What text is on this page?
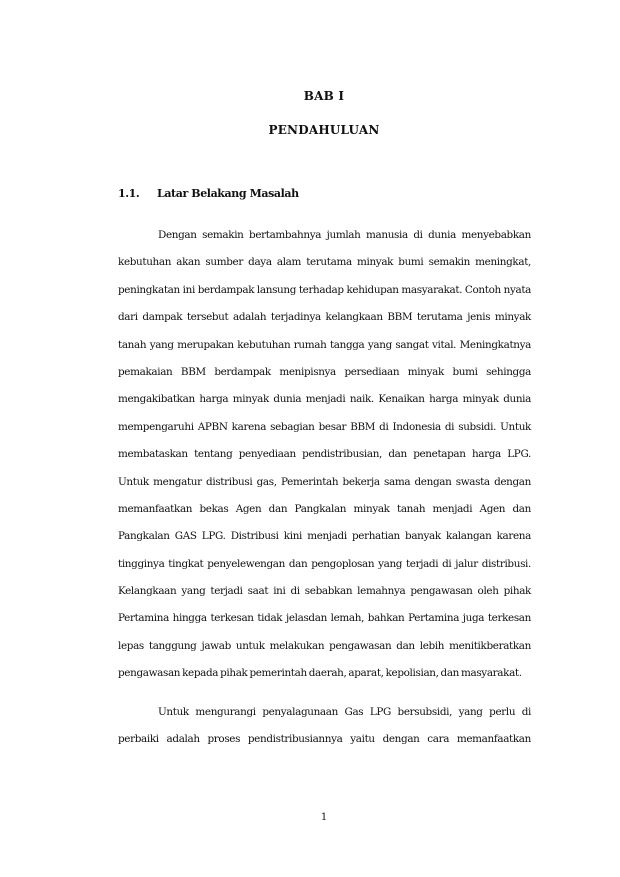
BAB I
PENDAHULUAN
1.1. Latar Belakang Masalah
Dengan semakin bertambahnya jumlah manusia di dunia menyebabkan
kebutuhan akan sumber daya alam terutama minyak bumi semakin meningkat,
peningkatan ini berdampak lansung terhadap kehidupan masyarakat. Contoh nyata
dari dampak tersebut adalah terjadinya kelangkaan BBM terutama jenis minyak
tanah yang merupakan kebutuhan rumah tangga yang sangat vital. Meningkatnya
pemakaian BBM berdampak menipisnya persediaan minyak bumi sehingga
mengakibatkan harga minyak dunia menjadi naik. Kenaikan harga minyak dunia
mempengaruhi APBN karena sebagian besar BBM di Indonesia di subsidi. Untuk
membataskan tentang penyediaan pendistribusian, dan penetapan harga LPG.
Untuk mengatur distribusi gas, Pemerintah bekerja sama dengan swasta dengan
memanfaatkan bekas Agen dan Pangkalan minyak tanah menjadi Agen dan
Pangkalan GAS LPG. Distribusi kini menjadi perhatian banyak kalangan karena
tingginya tingkat penyelewengan dan pengoplosan yang terjadi di jalur distribusi.
Kelangkaan yang terjadi saat ini di sebabkan lemahnya pengawasan oleh pihak
Pertamina hingga terkesan tidak jelasdan lemah, bahkan Pertamina juga terkesan
lepas tanggung jawab untuk melakukan pengawasan dan lebih menitikberatkan
pengawasan kepada pihak pemerintah daerah, aparat, kepolisian, dan masyarakat.
Untuk mengurangi penyalagunaan Gas LPG bersubsidi, yang perlu di
perbaiki adalah proses pendistribusiannya yaitu dengan cara memanfaatkan
1
